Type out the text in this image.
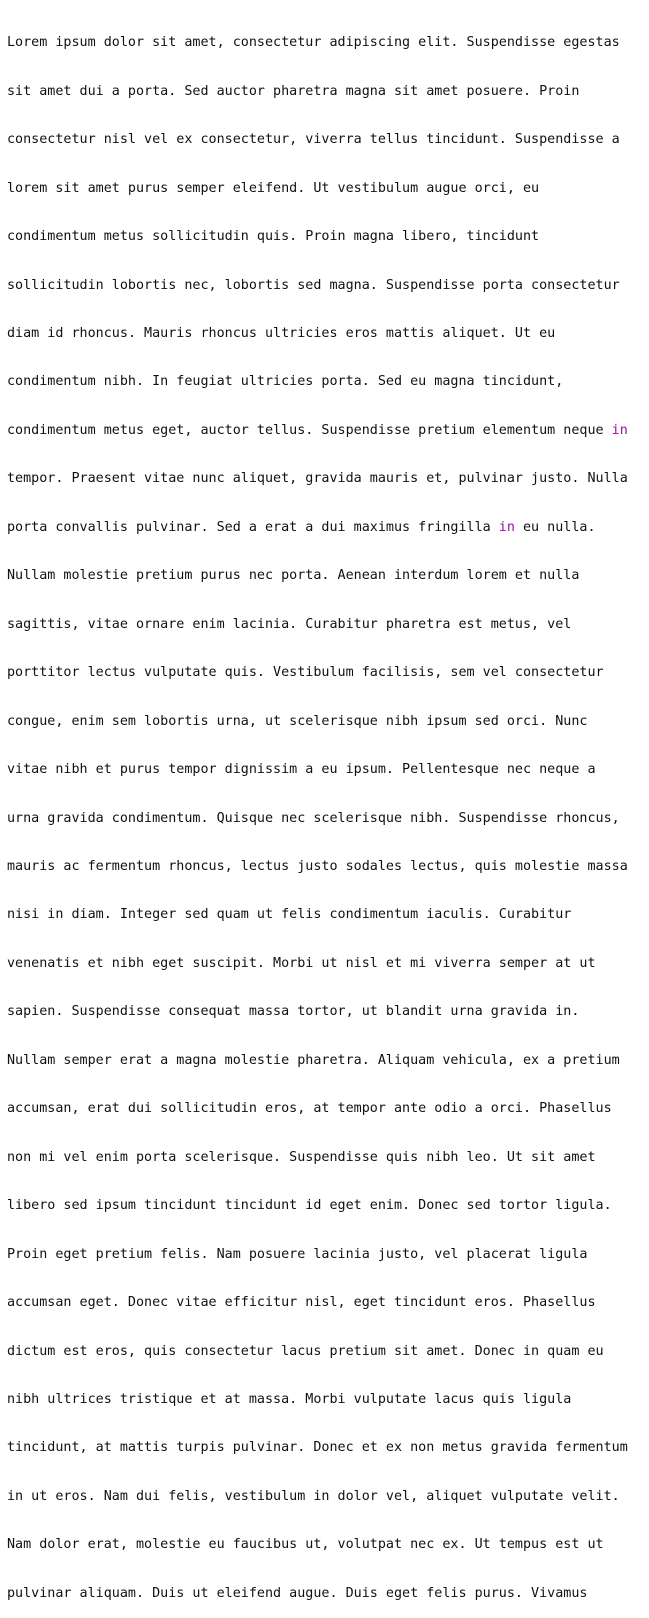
Lorem ipsum dolor sit amet, consectetur adipiscing elit. Suspendisse egestas

sit amet dui a porta. Sed auctor pharetra magna sit amet posuere. Proin

consectetur nisl vel ex consectetur, viverra tellus tincidunt. Suspendisse a

lorem sit amet purus semper eleifend. Ut vestibulum augue orci, eu

condimentum metus sollicitudin quis. Proin magna libero, tincidunt

sollicitudin lobortis nec, lobortis sed magna. Suspendisse porta consectetur

diam id rhoncus. Mauris rhoncus ultricies eros mattis aliquet. Ut eu

condimentum nibh. In feugiat ultricies porta. Sed eu magna tincidunt,

condimentum metus eget, auctor tellus. Suspendisse pretium elementum neque in

tempor. Praesent vitae nunc aliquet, gravida mauris et, pulvinar justo. Nulla

porta convallis pulvinar. Sed a erat a dui maximus fringilla in eu nulla.

Nullam molestie pretium purus nec porta. Aenean interdum lorem et nulla

sagittis, vitae ornare enim lacinia. Curabitur pharetra est metus, vel

porttitor lectus vulputate quis. Vestibulum facilisis, sem vel consectetur

congue, enim sem lobortis urna, ut scelerisque nibh ipsum sed orci. Nunc

vitae nibh et purus tempor dignissim a eu ipsum. Pellentesque nec neque a

urna gravida condimentum. Quisque nec scelerisque nibh. Suspendisse rhoncus,

mauris ac fermentum rhoncus, lectus justo sodales lectus, quis molestie massa

nisi in diam. Integer sed quam ut felis condimentum iaculis. Curabitur

venenatis et nibh eget suscipit. Morbi ut nisl et mi viverra semper at ut

sapien. Suspendisse consequat massa tortor, ut blandit urna gravida in.

Nullam semper erat a magna molestie pharetra. Aliquam vehicula, ex a pretium

accumsan, erat dui sollicitudin eros, at tempor ante odio a orci. Phasellus

non mi vel enim porta scelerisque. Suspendisse quis nibh leo. Ut sit amet

libero sed ipsum tincidunt tincidunt id eget enim. Donec sed tortor ligula.

Proin eget pretium felis. Nam posuere lacinia justo, vel placerat ligula

accumsan eget. Donec vitae efficitur nisl, eget tincidunt eros. Phasellus

dictum est eros, quis consectetur lacus pretium sit amet. Donec in quam eu

nibh ultrices tristique et at massa. Morbi vulputate lacus quis ligula

tincidunt, at mattis turpis pulvinar. Donec et ex non metus gravida fermentum

in ut eros. Nam dui felis, vestibulum in dolor vel, aliquet vulputate velit.

Nam dolor erat, molestie eu faucibus ut, volutpat nec ex. Ut tempus est ut

pulvinar aliquam. Duis ut eleifend augue. Duis eget felis purus. Vivamus
